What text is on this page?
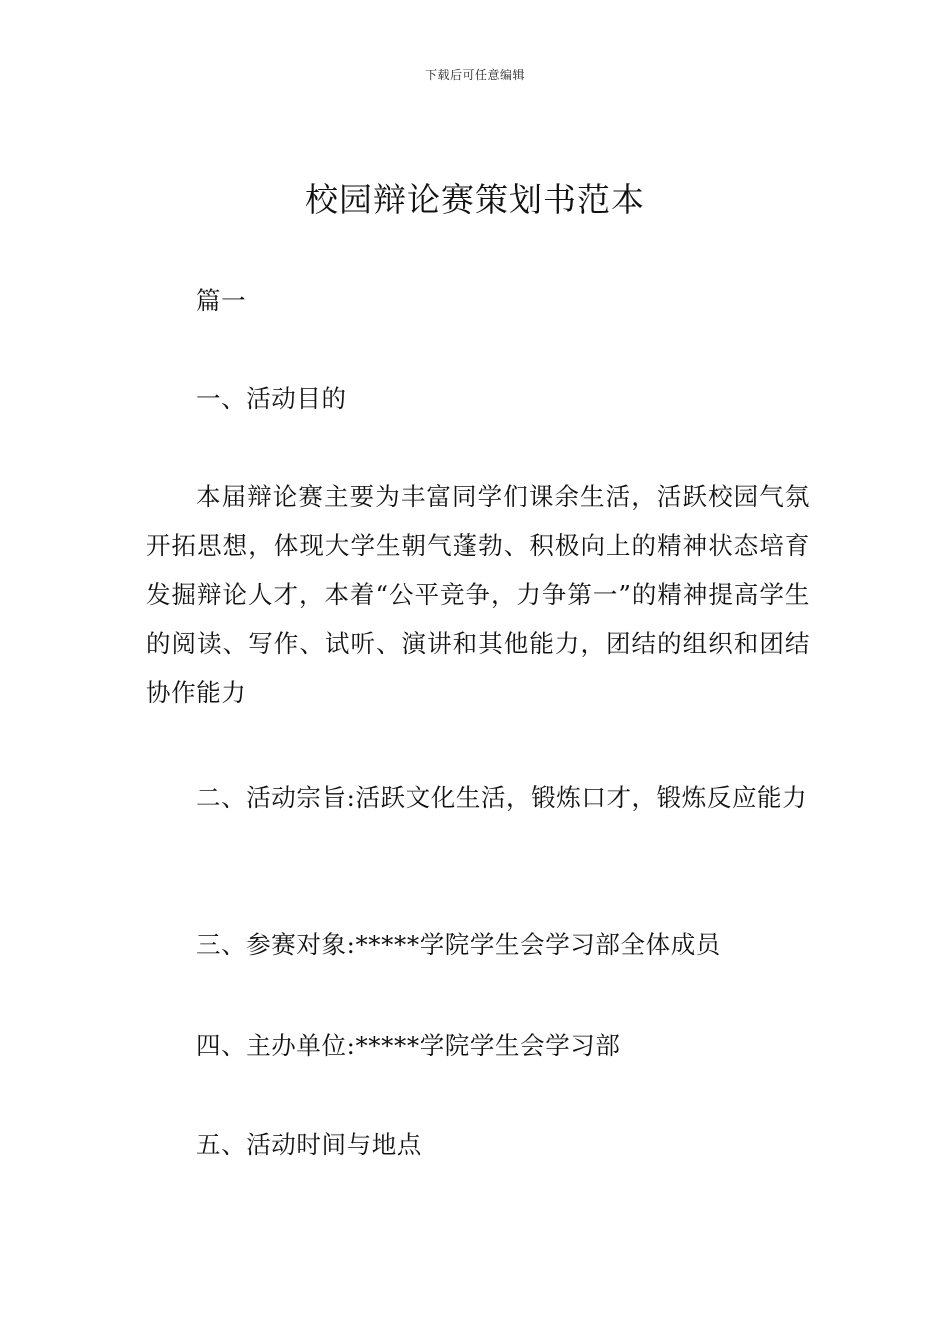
下载后可任意编辑
校园辩论赛策划书范本

篇一

一、活动目的

本届辩论赛主要为丰富同学们课余生活，活跃校园气氛开拓思想，体现大学生朝气蓬勃、积极向上的精神状态培育发掘辩论人才，本着“公平竞争，力争第一”的精神提高学生的阅读、写作、试听、演讲和其他能力，团结的组织和团结协作能力

二、活动宗旨:活跃文化生活，锻炼口才，锻炼反应能力

三、参赛对象:*****学院学生会学习部全体成员

四、主办单位:*****学院学生会学习部

五、活动时间与地点
